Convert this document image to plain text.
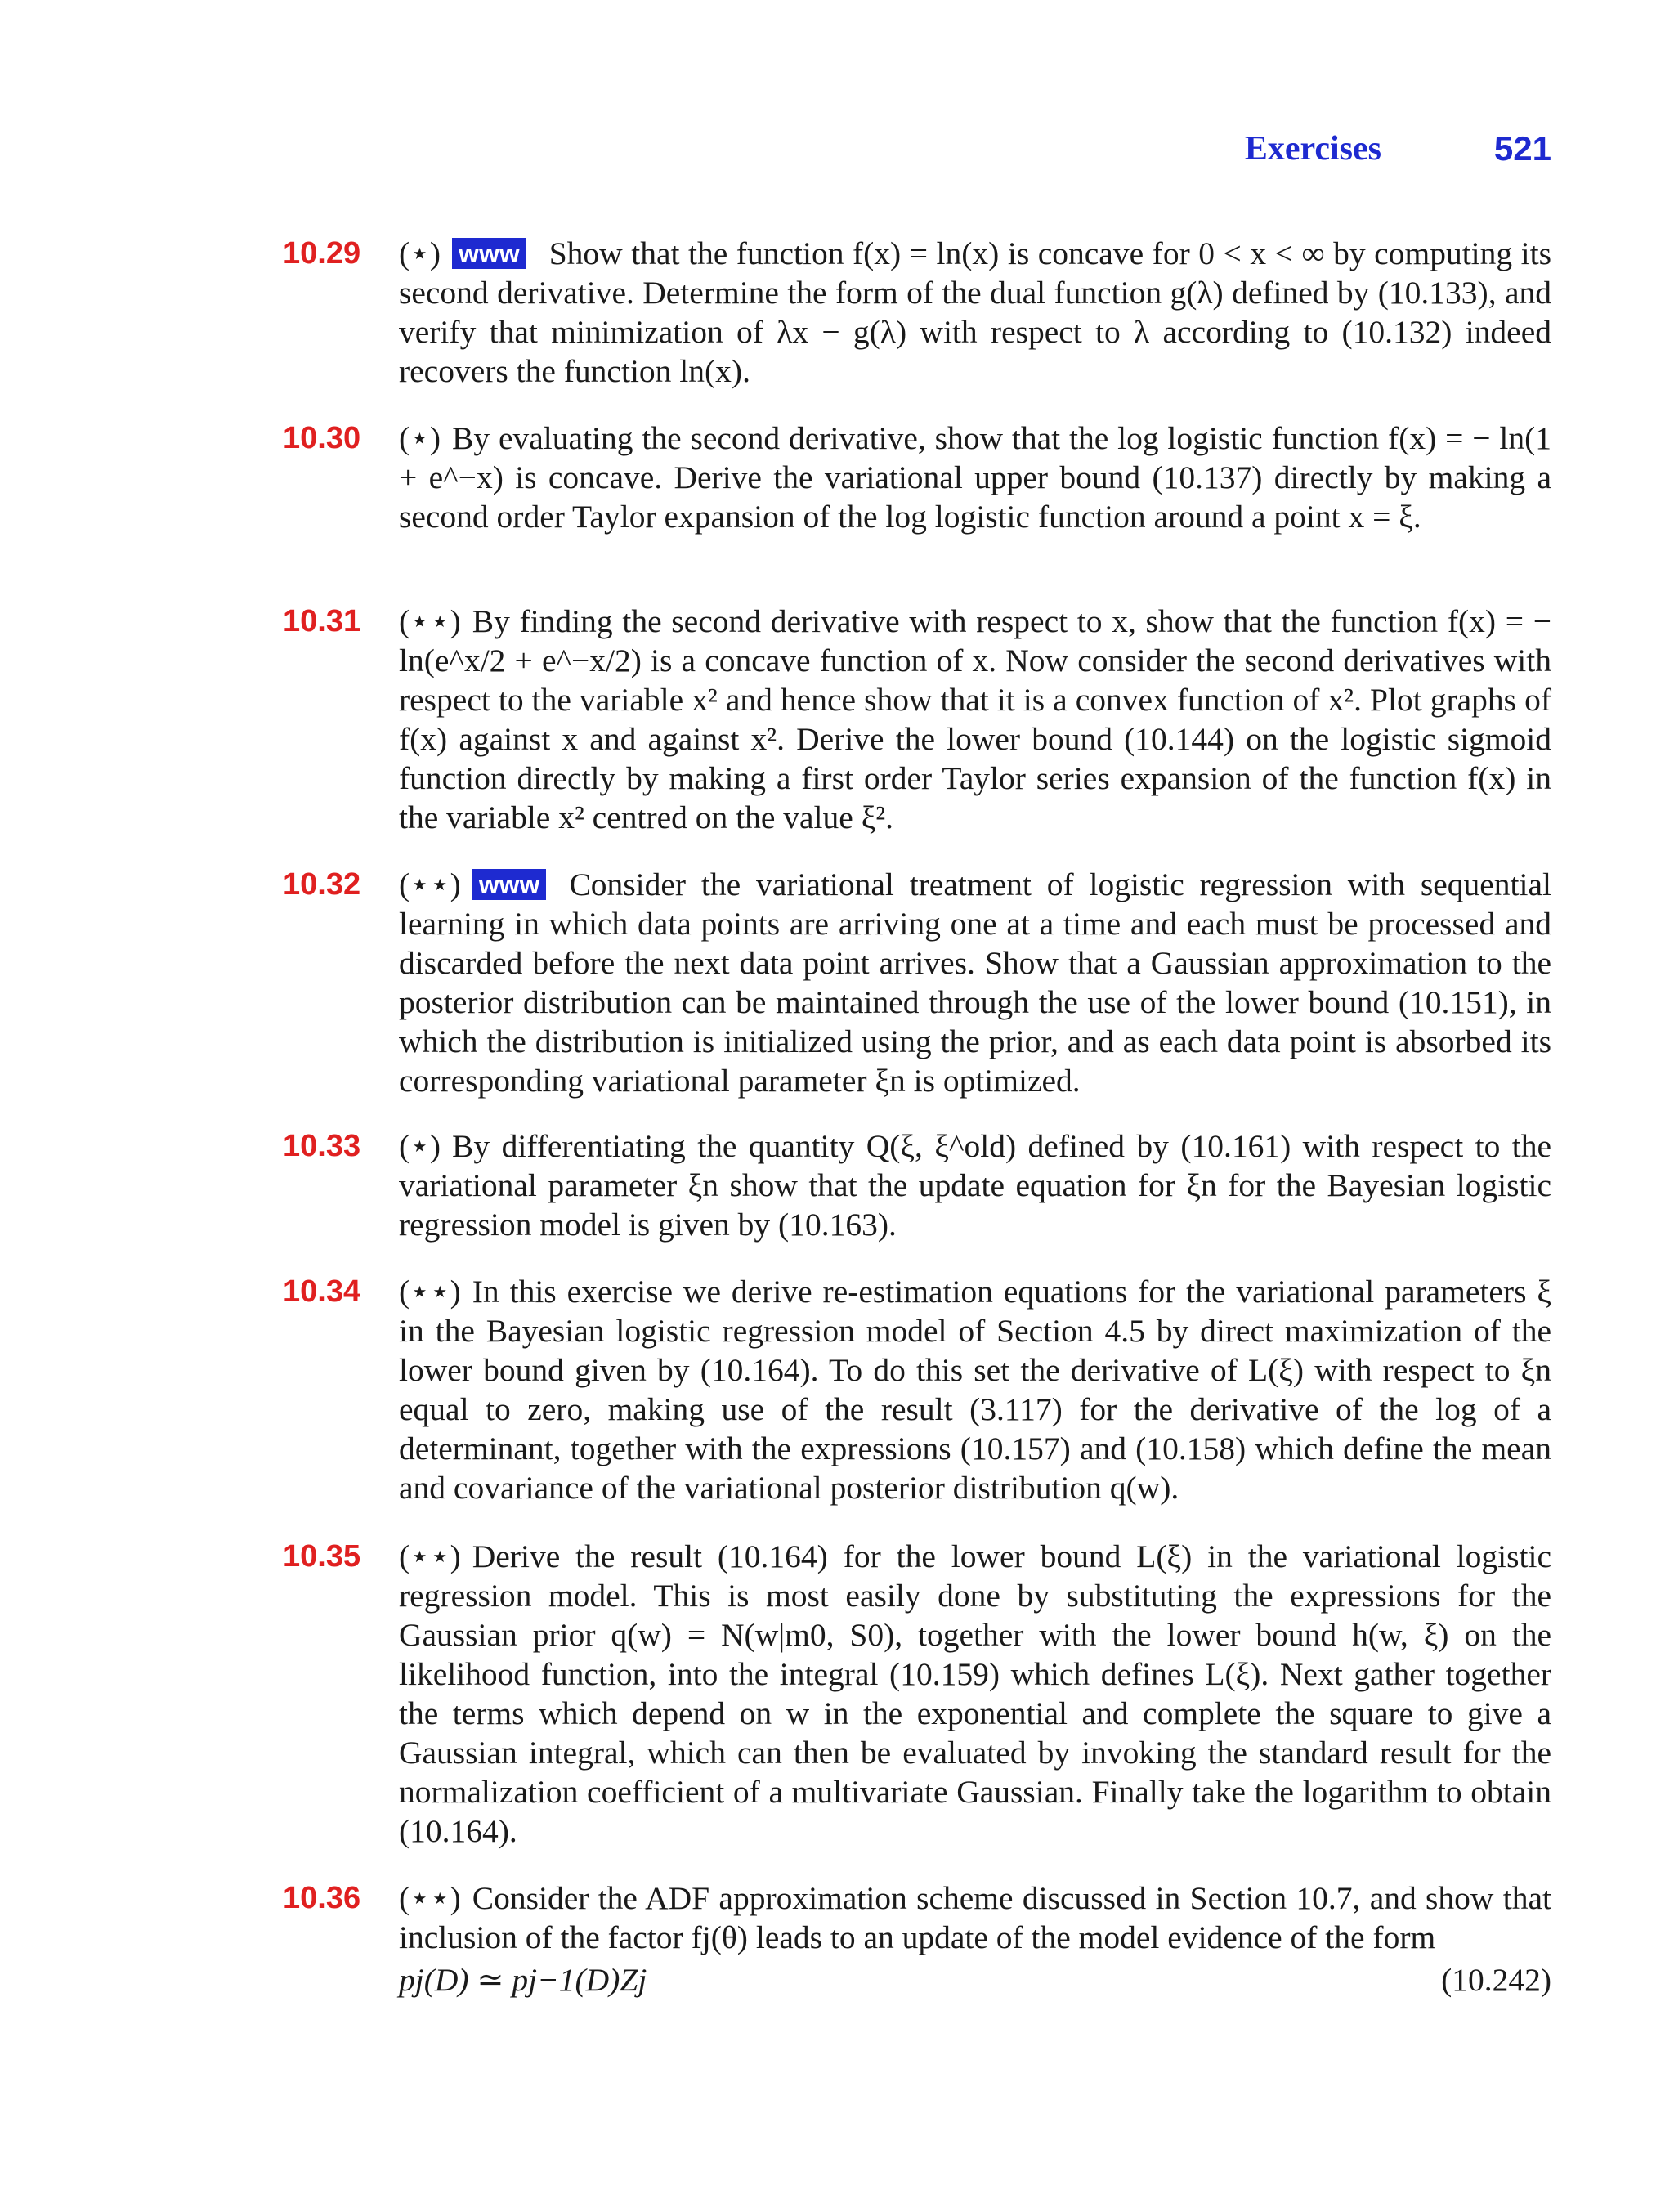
Exercises	521
10.29	(⋆) www Show that the function f(x) = ln(x) is concave for 0 < x < ∞ by computing its second derivative. Determine the form of the dual function g(λ) defined by (10.133), and verify that minimization of λx − g(λ) with respect to λ according to (10.132) indeed recovers the function ln(x).
10.30	(⋆) By evaluating the second derivative, show that the log logistic function f(x) = − ln(1 + e^−x) is concave. Derive the variational upper bound (10.137) directly by making a second order Taylor expansion of the log logistic function around a point x = ξ.
10.31	(⋆⋆) By finding the second derivative with respect to x, show that the function f(x) = − ln(e^x/2 + e^−x/2) is a concave function of x. Now consider the second derivatives with respect to the variable x² and hence show that it is a convex function of x². Plot graphs of f(x) against x and against x². Derive the lower bound (10.144) on the logistic sigmoid function directly by making a first order Taylor series expansion of the function f(x) in the variable x² centred on the value ξ².
10.32	(⋆⋆) www Consider the variational treatment of logistic regression with sequential learning in which data points are arriving one at a time and each must be processed and discarded before the next data point arrives. Show that a Gaussian approximation to the posterior distribution can be maintained through the use of the lower bound (10.151), in which the distribution is initialized using the prior, and as each data point is absorbed its corresponding variational parameter ξn is optimized.
10.33	(⋆) By differentiating the quantity Q(ξ, ξ^old) defined by (10.161) with respect to the variational parameter ξn show that the update equation for ξn for the Bayesian logistic regression model is given by (10.163).
10.34	(⋆⋆) In this exercise we derive re-estimation equations for the variational parameters ξ in the Bayesian logistic regression model of Section 4.5 by direct maximization of the lower bound given by (10.164). To do this set the derivative of L(ξ) with respect to ξn equal to zero, making use of the result (3.117) for the derivative of the log of a determinant, together with the expressions (10.157) and (10.158) which define the mean and covariance of the variational posterior distribution q(w).
10.35	(⋆⋆) Derive the result (10.164) for the lower bound L(ξ) in the variational logistic regression model. This is most easily done by substituting the expressions for the Gaussian prior q(w) = N(w|m0, S0), together with the lower bound h(w, ξ) on the likelihood function, into the integral (10.159) which defines L(ξ). Next gather together the terms which depend on w in the exponential and complete the square to give a Gaussian integral, which can then be evaluated by invoking the standard result for the normalization coefficient of a multivariate Gaussian. Finally take the logarithm to obtain (10.164).
10.36	(⋆⋆) Consider the ADF approximation scheme discussed in Section 10.7, and show that inclusion of the factor fj(θ) leads to an update of the model evidence of the form
pj(D) ≃ pj−1(D)Zj	(10.242)
